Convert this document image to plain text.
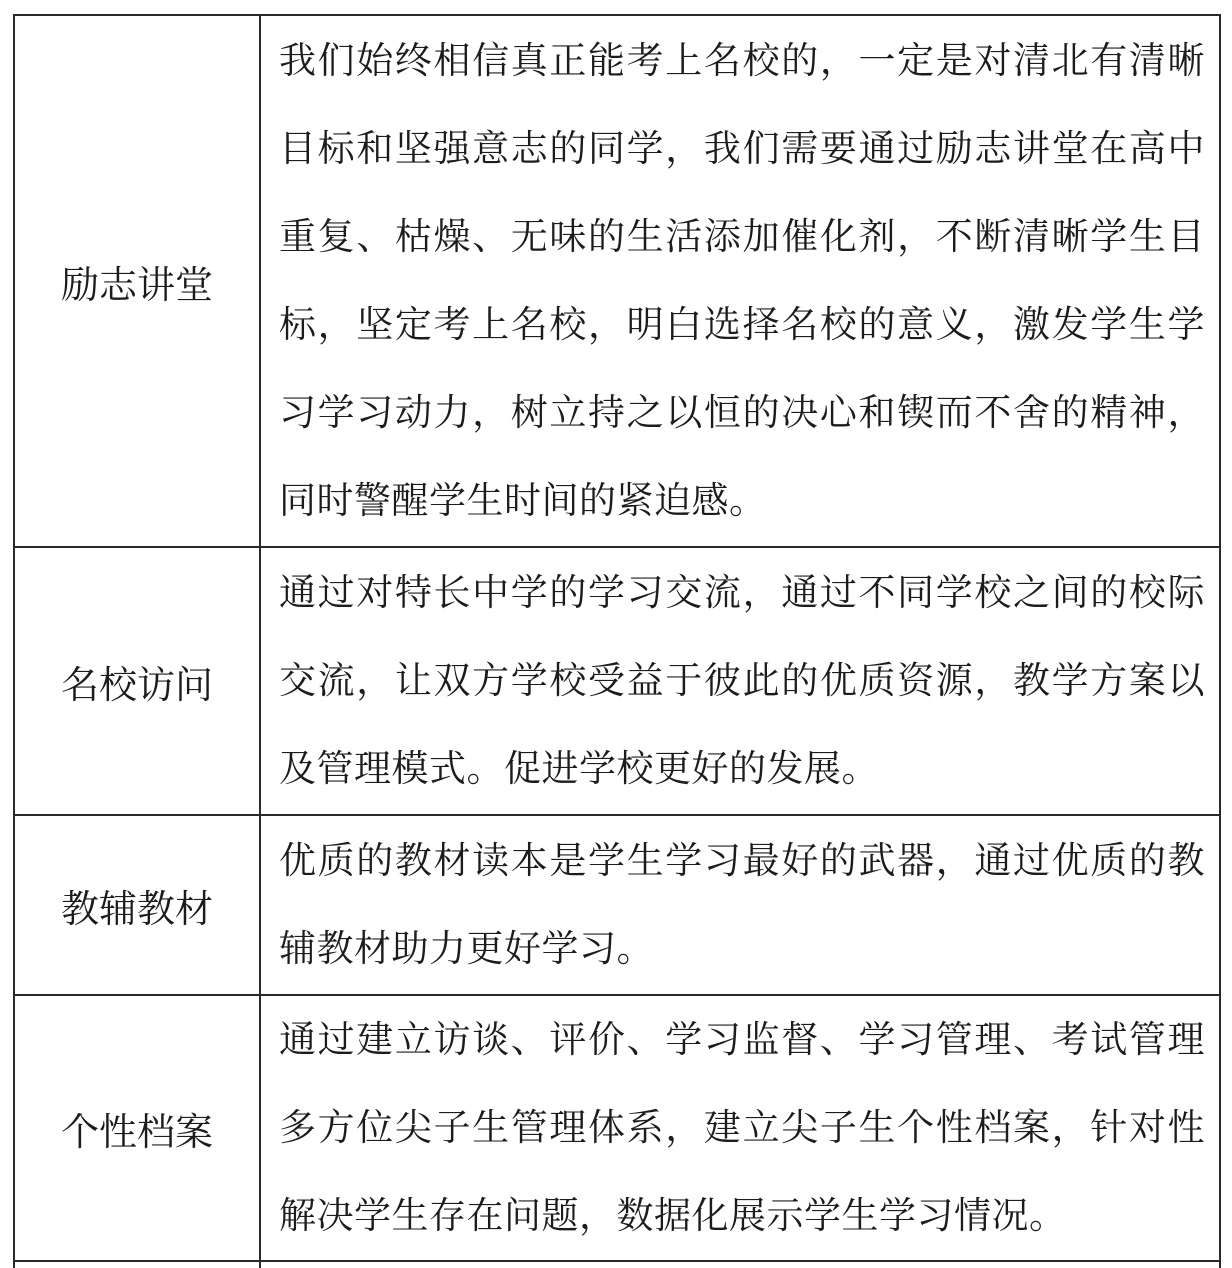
励志讲堂	我们始终相信真正能考上名校的，一定是对清北有清晰目标和坚强意志的同学，我们需要通过励志讲堂在高中重复、枯燥、无味的生活添加催化剂，不断清晰学生目标，坚定考上名校，明白选择名校的意义，激发学生学习学习动力，树立持之以恒的决心和锲而不舍的精神，同时警醒学生时间的紧迫感。
名校访问	通过对特长中学的学习交流，通过不同学校之间的校际交流，让双方学校受益于彼此的优质资源，教学方案以及管理模式。促进学校更好的发展。
教辅教材	优质的教材读本是学生学习最好的武器，通过优质的教辅教材助力更好学习。
个性档案	通过建立访谈、评价、学习监督、学习管理、考试管理多方位尖子生管理体系，建立尖子生个性档案，针对性解决学生存在问题，数据化展示学生学习情况。
